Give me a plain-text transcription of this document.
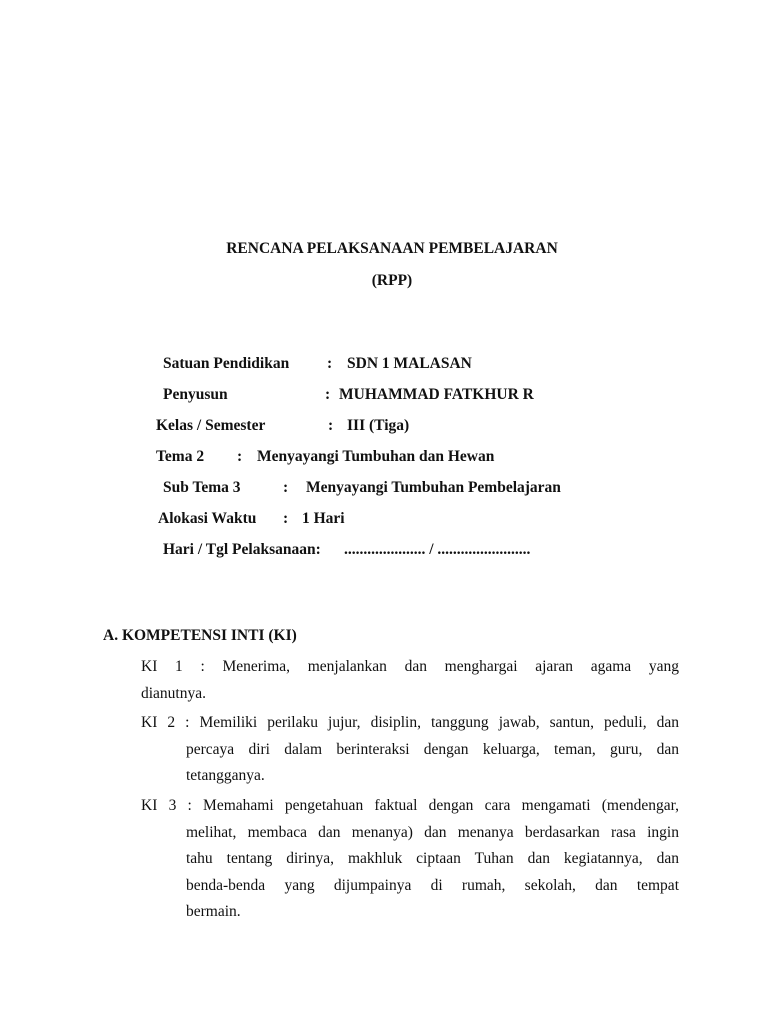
RENCANA PELAKSANAAN PEMBELAJARAN

(RPP)

Satuan Pendidikan : SDN 1 MALASAN
Penyusun	: MUHAMMAD FATKHUR R
Kelas / Semester	: III (Tiga)
Tema 2 : Menyayangi Tumbuhan dan Hewan
Sub Tema 3	: Menyayangi Tumbuhan Pembelajaran
Alokasi Waktu : 1 Hari
Hari / Tgl Pelaksanaan: ..................... / ........................

A. KOMPETENSI INTI (KI)

KI 1 : Menerima, menjalankan dan menghargai ajaran agama yang
dianutnya.
KI 2 : Memiliki perilaku jujur, disiplin, tanggung jawab, santun, peduli, dan
percaya diri dalam berinteraksi dengan keluarga, teman, guru, dan
tetangganya.
KI 3 : Memahami pengetahuan faktual dengan cara mengamati (mendengar,
melihat, membaca dan menanya) dan menanya berdasarkan rasa ingin
tahu tentang dirinya, makhluk ciptaan Tuhan dan kegiatannya, dan
benda-benda yang dijumpainya di rumah, sekolah, dan tempat
bermain.
